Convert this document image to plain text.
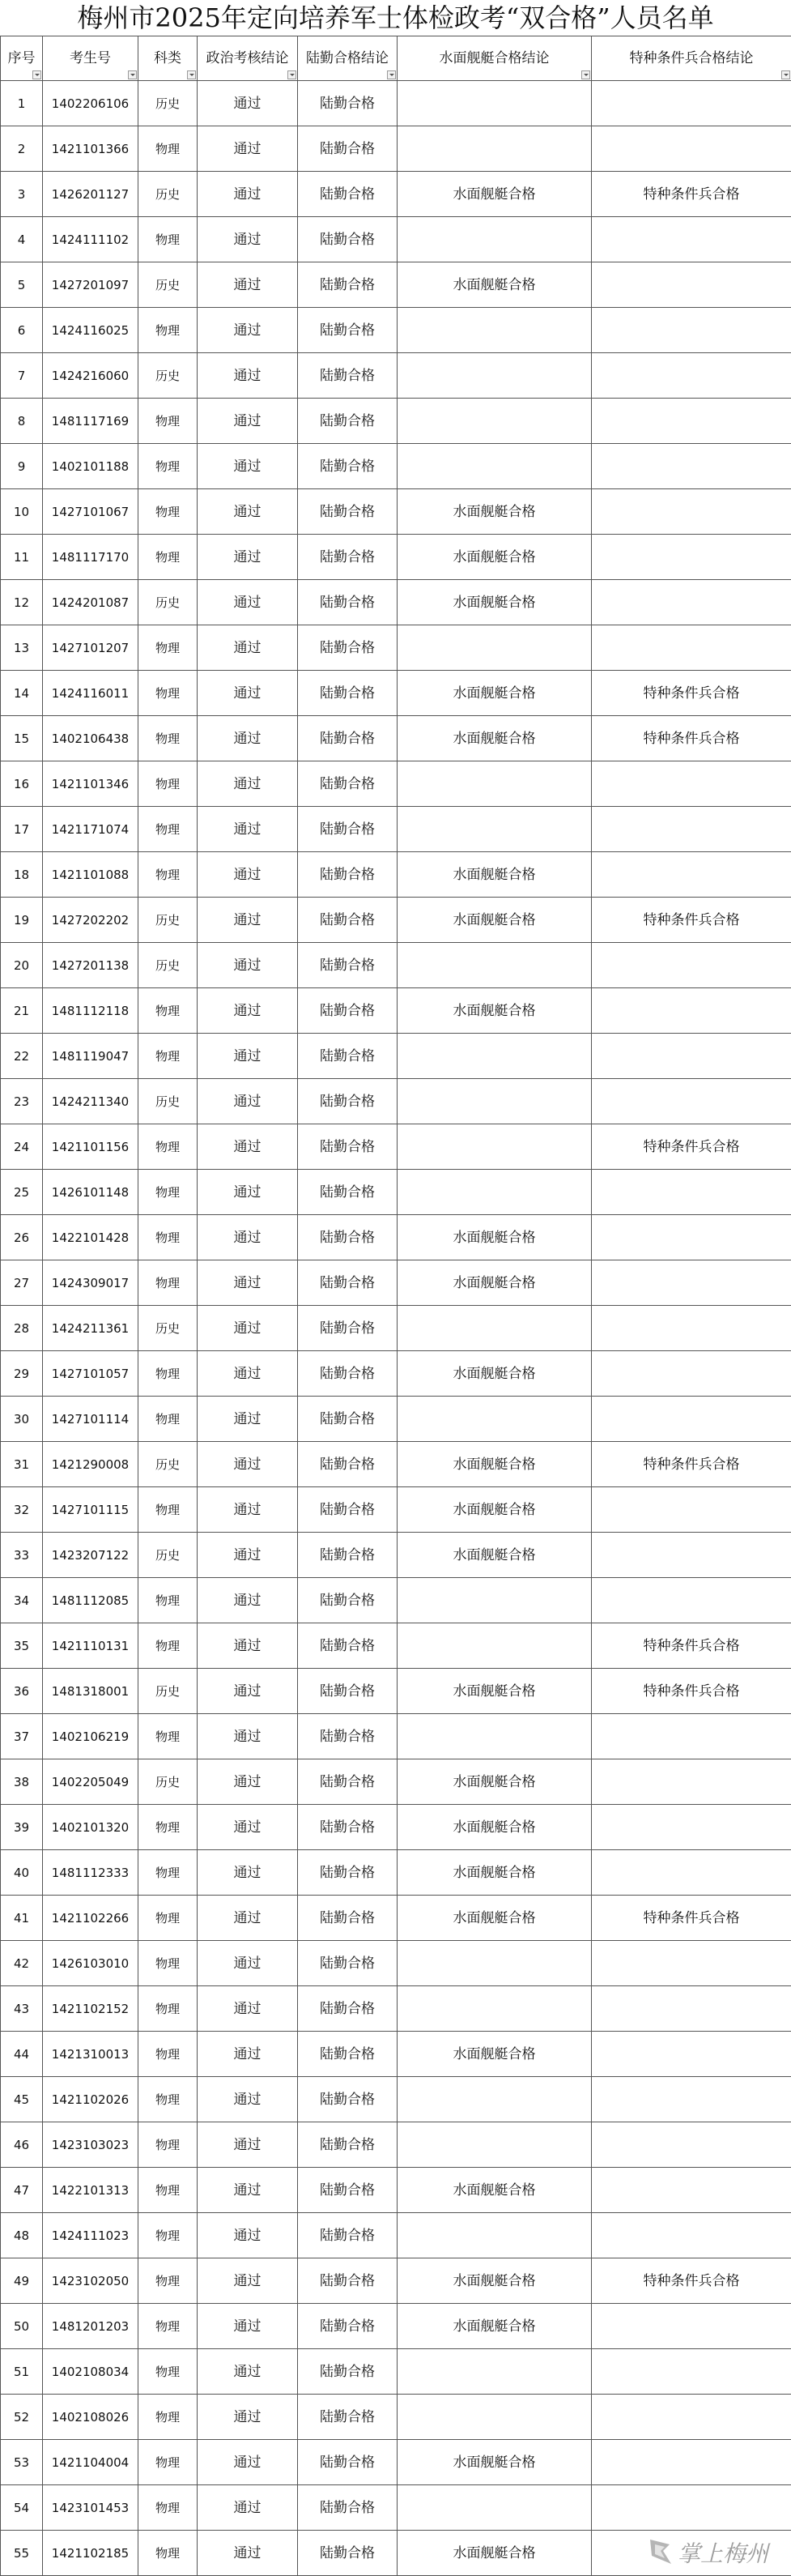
梅州市2025年定向培养军士体检政考“双合格”人员名单
序号	考生号	科类	政治考核结论	陆勤合格结论	水面舰艇合格结论	特种条件兵合格结论

1	1402206106	历史	通过	陆勤合格		
2	1421101366	物理	通过	陆勤合格		
3	1426201127	历史	通过	陆勤合格	水面舰艇合格	特种条件兵合格
4	1424111102	物理	通过	陆勤合格		
5	1427201097	历史	通过	陆勤合格	水面舰艇合格	
6	1424116025	物理	通过	陆勤合格		
7	1424216060	历史	通过	陆勤合格		
8	1481117169	物理	通过	陆勤合格		
9	1402101188	物理	通过	陆勤合格		
10	1427101067	物理	通过	陆勤合格	水面舰艇合格	
11	1481117170	物理	通过	陆勤合格	水面舰艇合格	
12	1424201087	历史	通过	陆勤合格	水面舰艇合格	
13	1427101207	物理	通过	陆勤合格		
14	1424116011	物理	通过	陆勤合格	水面舰艇合格	特种条件兵合格
15	1402106438	物理	通过	陆勤合格	水面舰艇合格	特种条件兵合格
16	1421101346	物理	通过	陆勤合格		
17	1421171074	物理	通过	陆勤合格		
18	1421101088	物理	通过	陆勤合格	水面舰艇合格	
19	1427202202	历史	通过	陆勤合格	水面舰艇合格	特种条件兵合格
20	1427201138	历史	通过	陆勤合格		
21	1481112118	物理	通过	陆勤合格	水面舰艇合格	
22	1481119047	物理	通过	陆勤合格		
23	1424211340	历史	通过	陆勤合格		
24	1421101156	物理	通过	陆勤合格		特种条件兵合格
25	1426101148	物理	通过	陆勤合格		
26	1422101428	物理	通过	陆勤合格	水面舰艇合格	
27	1424309017	物理	通过	陆勤合格	水面舰艇合格	
28	1424211361	历史	通过	陆勤合格		
29	1427101057	物理	通过	陆勤合格	水面舰艇合格	
30	1427101114	物理	通过	陆勤合格		
31	1421290008	历史	通过	陆勤合格	水面舰艇合格	特种条件兵合格
32	1427101115	物理	通过	陆勤合格	水面舰艇合格	
33	1423207122	历史	通过	陆勤合格	水面舰艇合格	
34	1481112085	物理	通过	陆勤合格		
35	1421110131	物理	通过	陆勤合格		特种条件兵合格
36	1481318001	历史	通过	陆勤合格	水面舰艇合格	特种条件兵合格
37	1402106219	物理	通过	陆勤合格		
38	1402205049	历史	通过	陆勤合格	水面舰艇合格	
39	1402101320	物理	通过	陆勤合格	水面舰艇合格	
40	1481112333	物理	通过	陆勤合格	水面舰艇合格	
41	1421102266	物理	通过	陆勤合格	水面舰艇合格	特种条件兵合格
42	1426103010	物理	通过	陆勤合格		
43	1421102152	物理	通过	陆勤合格		
44	1421310013	物理	通过	陆勤合格	水面舰艇合格	
45	1421102026	物理	通过	陆勤合格		
46	1423103023	物理	通过	陆勤合格		
47	1422101313	物理	通过	陆勤合格	水面舰艇合格	
48	1424111023	物理	通过	陆勤合格		
49	1423102050	物理	通过	陆勤合格	水面舰艇合格	特种条件兵合格
50	1481201203	物理	通过	陆勤合格	水面舰艇合格	
51	1402108034	物理	通过	陆勤合格		
52	1402108026	物理	通过	陆勤合格		
53	1421104004	物理	通过	陆勤合格	水面舰艇合格	
54	1423101453	物理	通过	陆勤合格		
55	1421102185	物理	通过	陆勤合格	水面舰艇合格		掌上梅州
